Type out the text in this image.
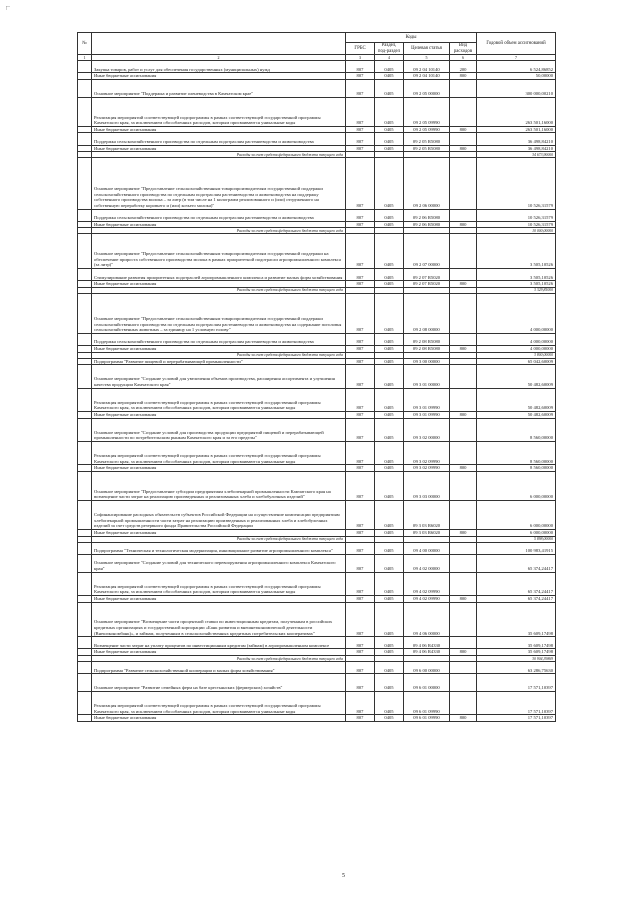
№		Коды				Годовой объем ассигнований
		ГРБС	Раздел, под-раздел	Целевая статья	Вид расходов	
1	2	3	4	5	6	7
	Закупка товаров, работ и услуг для обеспечения государственных (муниципальных) нужд	807	0405	09 2 04 10140	200	6 524,86852
	Иные бюджетные ассигнования	807	0405	09 2 04 10140	800	50,00000
	Основное мероприятие "Поддержка и развитие оленеводства в Камчатском крае"	807	0405	09 2 05 00000		300 000,00210
	Реализация мероприятий соответствующей подпрограммы в рамках соответствующей государственной программы Камчатского края, за исключением обособленных расходов, которым присваиваются уникальные коды	807	0405	09 2 05 09990		263 501,16000
	Иные бюджетные ассигнования	807	0405	09 2 05 09990	800	263 501,16000
	Поддержка сельскохозяйственного производства по отдельным подотраслям растениеводства и животноводства	807	0405	09 2 05 R5080		36 498,84210
	Иные бюджетные ассигнования	807	0405	09 2 05 R5080	800	36 498,84210
	Расходы за счет средств федерального бюджета текущего года					34 673,90000
	Основное мероприятие "Предоставление сельскохозяйственным товаропроизводителям государственной поддержки сельскохозяйственного производства по отдельным подотраслям растениеводства и животноводства на поддержку собственного производства молока – за литр (в том числе на 1 килограмм реализованного и (или) отгруженного на собственную переработку коровьего и (или) козьего молока)"	807	0405	09 2 06 00000		10 526,31579
	Поддержка сельскохозяйственного производства по отдельным подотраслям растениеводства и животноводства	807	0405	09 2 06 R5080		10 526,31579
	Иные бюджетные ассигнования	807	0405	09 2 06 R5080	800	10 526,31579
	Расходы за счет средств федерального бюджета текущего года					10 000,00000
	Основное мероприятие "Предоставление сельскохозяйственным товаропроизводителям государственной поддержки на обеспечение прироста собственного производства молока в рамках приоритетной подотрасли агропромышленного комплекса (за литр)"	807	0405	09 2 07 00000		3 505,10526
	Стимулирование развития приоритетных подотраслей агропромышленного комплекса и развитие малых форм хозяйствования	807	0405	09 2 07 R5020		3 505,10526
	Иные бюджетные ассигнования	807	0405	09 2 07 R5020	800	3 505,10526
	Расходы за счет средств федерального бюджета текущего года					3 329,85000
	Основное мероприятие "Предоставление сельскохозяйственным товаропроизводителям государственной поддержки сельскохозяйственного производства по отдельным подотраслям растениеводства и животноводства на содержание поголовья сельскохозяйственных животных – за единицу на 1 условную голову"	807	0405	09 2 08 00000		4 000,00000
	Поддержка сельскохозяйственного производства по отдельным подотраслям растениеводства и животноводства	807	0405	09 2 08 R5080		4 000,00000
	Иные бюджетные ассигнования	807	0405	09 2 08 R5080	800	4 000,00000
	Расходы за счет средств федерального бюджета текущего года					3 800,00000
	Подпрограмма "Развитие пищевой и перерабатывающей промышленности"	807	0405	09 3 00 00000		65 042,60009
	Основное мероприятие "Создание условий для увеличения объемов производства, расширения ассортимента и улучшения качества продукции Камчатского края"	807	0405	09 3 01 00000		50 482,60009
	Реализация мероприятий соответствующей подпрограммы в рамках соответствующей государственной программы Камчатского края, за исключением обособленных расходов, которым присваиваются уникальные коды	807	0405	09 3 01 09990		50 482,60009
	Иные бюджетные ассигнования	807	0405	09 3 01 09990	800	50 482,60009
	Основное мероприятие "Создание условий для производства продукции предприятий пищевой и перерабатывающей промышленности по потребительским рынкам Камчатского края и за его пределы"	807	0405	09 3 02 00000		8 560,00000
	Реализация мероприятий соответствующей подпрограммы в рамках соответствующей государственной программы Камчатского края, за исключением обособленных расходов, которым присваиваются уникальные коды	807	0405	09 3 02 09990		8 560,00000
	Иные бюджетные ассигнования	807	0405	09 3 02 09990	800	8 560,00000
	Основное мероприятие "Предоставление субсидии предприятиям хлебопекарной промышленности Камчатского края на возмещение части затрат на реализацию произведенных и реализованных хлеба и хлебобулочных изделий"	807	0405	09 3 03 00000		6 000,00000
	Софинансирование расходных обязательств субъектов Российской Федерации на осуществление компенсации предприятиям хлебопекарной промышленности части затрат на реализацию произведенных и реализованных хлеба и хлебобулочных изделий за счет средств резервного фонда Правительства Российской Федерации	807	0405	09 3 03 R6020		6 000,00000
	Иные бюджетные ассигнования	807	0405	09 3 03 R6020	800	6 000,00000
	Расходы за счет средств федерального бюджета текущего года					5 898,00000
	Подпрограмма "Техническая и технологическая модернизация, инновационное развитие агропромышленного комплекса"	807	0405	09 4 00 00000		100 983,41915
	Основное мероприятие "Создание условий для технического перевооружения агропромышленного комплекса Камчатского края"	807	0405	09 4 02 00000		65 374,24417
	Реализация мероприятий соответствующей подпрограммы в рамках соответствующей государственной программы Камчатского края, за исключением обособленных расходов, которым присваиваются уникальные коды	807	0405	09 4 02 09990		65 374,24417
	Иные бюджетные ассигнования	807	0405	09 4 02 09990	800	65 374,24417
	Основное мероприятие "Возмещение части процентной ставки по инвестиционным кредитам, полученным в российских кредитных организациях и государственной корпорации «Банк развития и внешнеэкономической деятельности (Внешэкономбанк)», и займам, полученным в сельскохозяйственных кредитных потребительских кооперативах"	807	0405	09 4 06 00000		35 609,17498
	Возмещение части затрат на уплату процентов по инвестиционным кредитам (займам) в агропромышленном комплексе	807	0405	09 4 06 R4330		35 609,17498
	Иные бюджетные ассигнования	807	0405	09 4 06 R4330	800	35 609,17498
	Расходы за счет средств федерального бюджета текущего года					30 904,39869
	Подпрограмма "Развитие сельскохозяйственной кооперации и малых форм хозяйствования"	807	0405	09 6 00 00000		63 286,75630
	Основное мероприятие "Развитие семейных ферм на базе крестьянских (фермерских) хозяйств"	807	0405	09 6 01 00000		17 571,10397
	Реализация мероприятий соответствующей подпрограммы в рамках соответствующей государственной программы Камчатского края, за исключением обособленных расходов, которым присваиваются уникальные коды	807	0405	09 6 01 09990		17 571,10397
	Иные бюджетные ассигнования	807	0405	09 6 01 09990	800	17 571,10397
5
